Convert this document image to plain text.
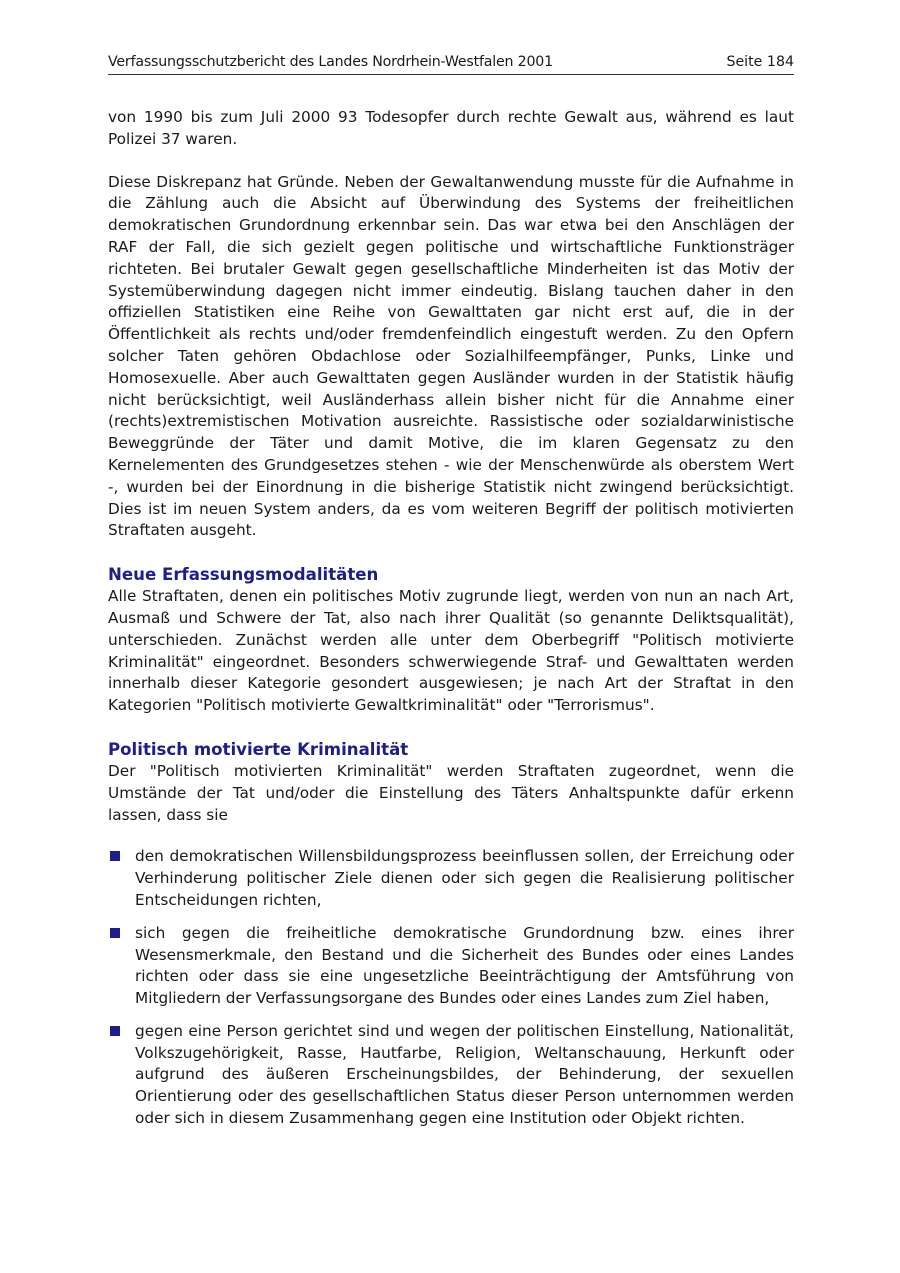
Verfassungsschutzbericht des Landes Nordrhein-Westfalen 2001	Seite 184

von 1990 bis zum Juli 2000 93 Todesopfer durch rechte Gewalt aus, während es laut Polizei 37 waren.

Diese Diskrepanz hat Gründe. Neben der Gewaltanwendung musste für die Aufnahme in die Zählung auch die Absicht auf Überwindung des Systems der freiheitlichen demokratischen Grundordnung erkennbar sein. Das war etwa bei den Anschlägen der RAF der Fall, die sich gezielt gegen politische und wirtschaftliche Funktionsträger richteten. Bei brutaler Gewalt gegen gesellschaftliche Minderheiten ist das Motiv der Systemüberwindung dagegen nicht immer eindeutig. Bislang tauchen daher in den offiziellen Statistiken eine Reihe von Gewalttaten gar nicht erst auf, die in der Öffentlichkeit als rechts und/oder fremdenfeindlich eingestuft werden. Zu den Opfern solcher Taten gehören Obdachlose oder Sozialhilfeempfänger, Punks, Linke und Homosexuelle. Aber auch Gewalttaten gegen Ausländer wurden in der Statistik häufig nicht berücksichtigt, weil Ausländerhass allein bisher nicht für die Annahme einer (rechts)extremistischen Motivation ausreichte. Rassistische oder sozialdarwinistische Beweggründe der Täter und damit Motive, die im klaren Gegensatz zu den Kernelementen des Grundgesetzes stehen - wie der Menschenwürde als oberstem Wert -, wurden bei der Einordnung in die bisherige Statistik nicht zwingend berücksichtigt. Dies ist im neuen System anders, da es vom weiteren Begriff der politisch motivierten Straftaten ausgeht.

Neue Erfassungsmodalitäten

Alle Straftaten, denen ein politisches Motiv zugrunde liegt, werden von nun an nach Art, Ausmaß und Schwere der Tat, also nach ihrer Qualität (so genannte Deliktsqualität), unterschieden. Zunächst werden alle unter dem Oberbegriff "Politisch motivierte Kriminalität" eingeordnet. Besonders schwerwiegende Straf- und Gewalttaten werden innerhalb dieser Kategorie gesondert ausgewiesen; je nach Art der Straftat in den Kategorien "Politisch motivierte Gewaltkriminalität" oder "Terrorismus".

Politisch motivierte Kriminalität

Der "Politisch motivierten Kriminalität" werden Straftaten zugeordnet, wenn die Umstände der Tat und/oder die Einstellung des Täters Anhaltspunkte dafür erkenn lassen, dass sie

den demokratischen Willensbildungsprozess beeinflussen sollen, der Erreichung oder Verhinderung politischer Ziele dienen oder sich gegen die Realisierung politischer Entscheidungen richten,
sich gegen die freiheitliche demokratische Grundordnung bzw. eines ihrer Wesensmerkmale, den Bestand und die Sicherheit des Bundes oder eines Landes richten oder dass sie eine ungesetzliche Beeinträchtigung der Amtsführung von Mitgliedern der Verfassungsorgane des Bundes oder eines Landes zum Ziel haben,
gegen eine Person gerichtet sind und wegen der politischen Einstellung, Nationalität, Volkszugehörigkeit, Rasse, Hautfarbe, Religion, Weltanschauung, Herkunft oder aufgrund des äußeren Erscheinungsbildes, der Behinderung, der sexuellen Orientierung oder des gesellschaftlichen Status dieser Person unternommen werden oder sich in diesem Zusammenhang gegen eine Institution oder Objekt richten.
